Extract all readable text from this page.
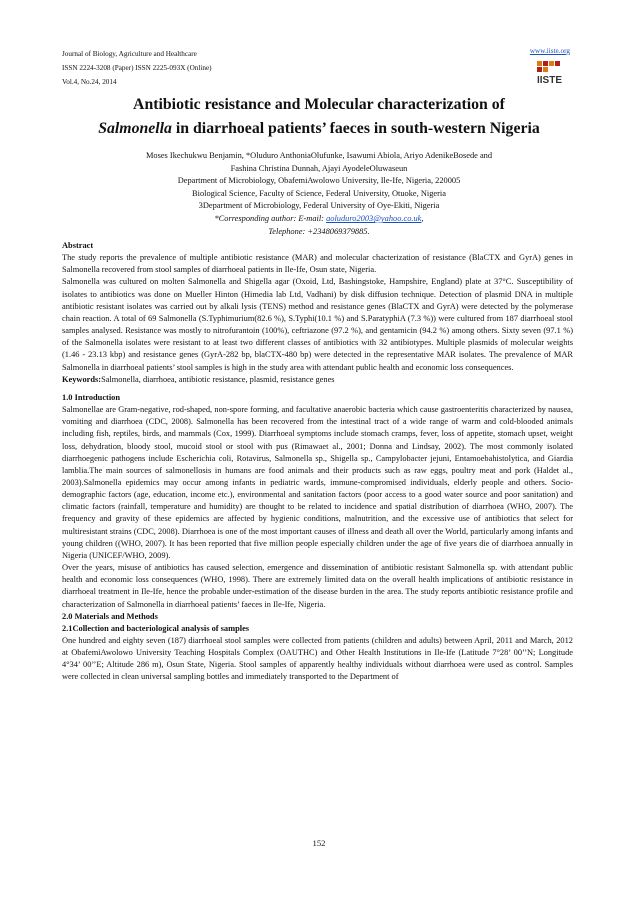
Journal of Biology, Agriculture and Healthcare
ISSN 2224-3208 (Paper) ISSN 2225-093X (Online)
Vol.4, No.24, 2014
www.iiste.org
IISTE
Antibiotic resistance and Molecular characterization of
Salmonella in diarrhoeal patients’ faeces in south-western Nigeria
Moses Ikechukwu Benjamin, *Oluduro AnthoniaOlufunke, Isawumi Abiola, Ariyo AdenikeBosede and
Fashina Christina Dunnah, Ajayi AyodeleOluwaseun
Department of Microbiology, ObafemiAwolowo University, Ile-Ife, Nigeria, 220005
Biological Science, Faculty of Science, Federal University, Otuoke, Nigeria
3Department of Microbiology, Federal University of Oye-Ekiti, Nigeria
*Corresponding author: E-mail: aoluduro2003@yahoo.co.uk,
Telephone: +2348069379885.

Abstract

The study reports the prevalence of multiple antibiotic resistance (MAR) and molecular chacterization of resistance (BlaCTX and GyrA) genes in Salmonella recovered from stool samples of diarrhoeal patients in Ile-Ife, Osun state, Nigeria.

Salmonella was cultured on molten Salmonella and Shigella agar (Oxoid, Ltd, Bashingstoke, Hampshire, England) plate at 37°C. Susceptibility of isolates to antibiotics was done on Mueller Hinton (Himedia lab Ltd, Vadhani) by disk diffusion technique. Detection of plasmid DNA in multiple antibiotic resistant isolates was carried out by alkali lysis (TENS) method and resistance genes (BlaCTX and GyrA) were detected by the polymerase chain reaction. A total of 69 Salmonella (S.Typhimurium(82.6 %), S.Typhi(10.1 %) and S.ParatyphiA (7.3 %)) were cultured from 187 diarrhoeal stool samples analysed. Resistance was mostly to nitrofurantoin (100%), ceftriazone (97.2 %), and gentamicin (94.2 %) among others. Sixty seven (97.1 %) of the Salmonella isolates were resistant to at least two different classes of antibiotics with 32 antibiotypes. Multiple plasmids of molecular weights (1.46 - 23.13 kbp) and resistance genes (GyrA-282 bp, blaCTX-480 bp) were detected in the representative MAR isolates. The prevalence of MAR Salmonella in diarrhoeal patients’ stool samples is high in the study area with attendant public health and economic loss consequences.

Keywords:Salmonella, diarrhoea, antibiotic resistance, plasmid, resistance genes

1.0 Introduction

Salmonellae are Gram-negative, rod-shaped, non-spore forming, and facultative anaerobic bacteria which cause gastroenteritis characterized by nausea, vomiting and diarrhoea (CDC, 2008). Salmonella has been recovered from the intestinal tract of a wide range of warm and cold-blooded animals including fish, reptiles, birds, and mammals (Cox, 1999). Diarrhoeal symptoms include stomach cramps, fever, loss of appetite, stomach upset, weight loss, dehydration, bloody stool, mucoid stool or stool with pus (Rimawaet al., 2001; Donna and Lindsay, 2002). The most commonly isolated diarrhoegenic pathogens include Escherichia coli, Rotavirus, Salmonella sp., Shigella sp., Campylobacter jejuni, Entamoebahistolytica, and Giardia lamblia.The main sources of salmonellosis in humans are food animals and their products such as raw eggs, poultry meat and pork (Haldet al., 2003).Salmonella epidemics may occur among infants in pediatric wards, immune-compromised individuals, elderly people and others. Socio-demographic factors (age, education, income etc.), environmental and sanitation factors (poor access to a good water source and poor sanitation) and climatic factors (rainfall, temperature and humidity) are thought to be related to incidence and spatial distribution of diarrhoea (WHO, 2007). The frequency and gravity of these epidemics are affected by hygienic conditions, malnutrition, and the excessive use of antibiotics that select for multiresistant strains (CDC, 2008). Diarrhoea is one of the most important causes of illness and death all over the World, particularly among infants and young children ((WHO, 2007). It has been reported that five million people especially children under the age of five years die of diarrhoea annually in Nigeria (UNICEF/WHO, 2009).

Over the years, misuse of antibiotics has caused selection, emergence and dissemination of antibiotic resistant Salmonella sp. with attendant public health and economic loss consequences (WHO, 1998). There are extremely limited data on the overall health implications of antibiotic resistance in diarrhoeal treatment in Ile-Ife, hence the probable under-estimation of the disease burden in the area. The study reports antibiotic resistance profile and characterization of Salmonella in diarrhoeal patients’ faeces in Ile-Ife, Nigeria.

2.0 Materials and Methods

2.1Collection and bacteriological analysis of samples

One hundred and eighty seven (187) diarrhoeal stool samples were collected from patients (children and adults) between April, 2011 and March, 2012 at ObafemiAwolowo University Teaching Hospitals Complex (OAUTHC) and Other Health Institutions in Ile-Ife (Latitude 7°28’ 00’’N; Longitude 4°34’ 00’’E; Altitude 286 m), Osun State, Nigeria. Stool samples of apparently healthy individuals without diarrhoea were used as control. Samples were collected in clean universal sampling bottles and immediately transported to the Department of

152
